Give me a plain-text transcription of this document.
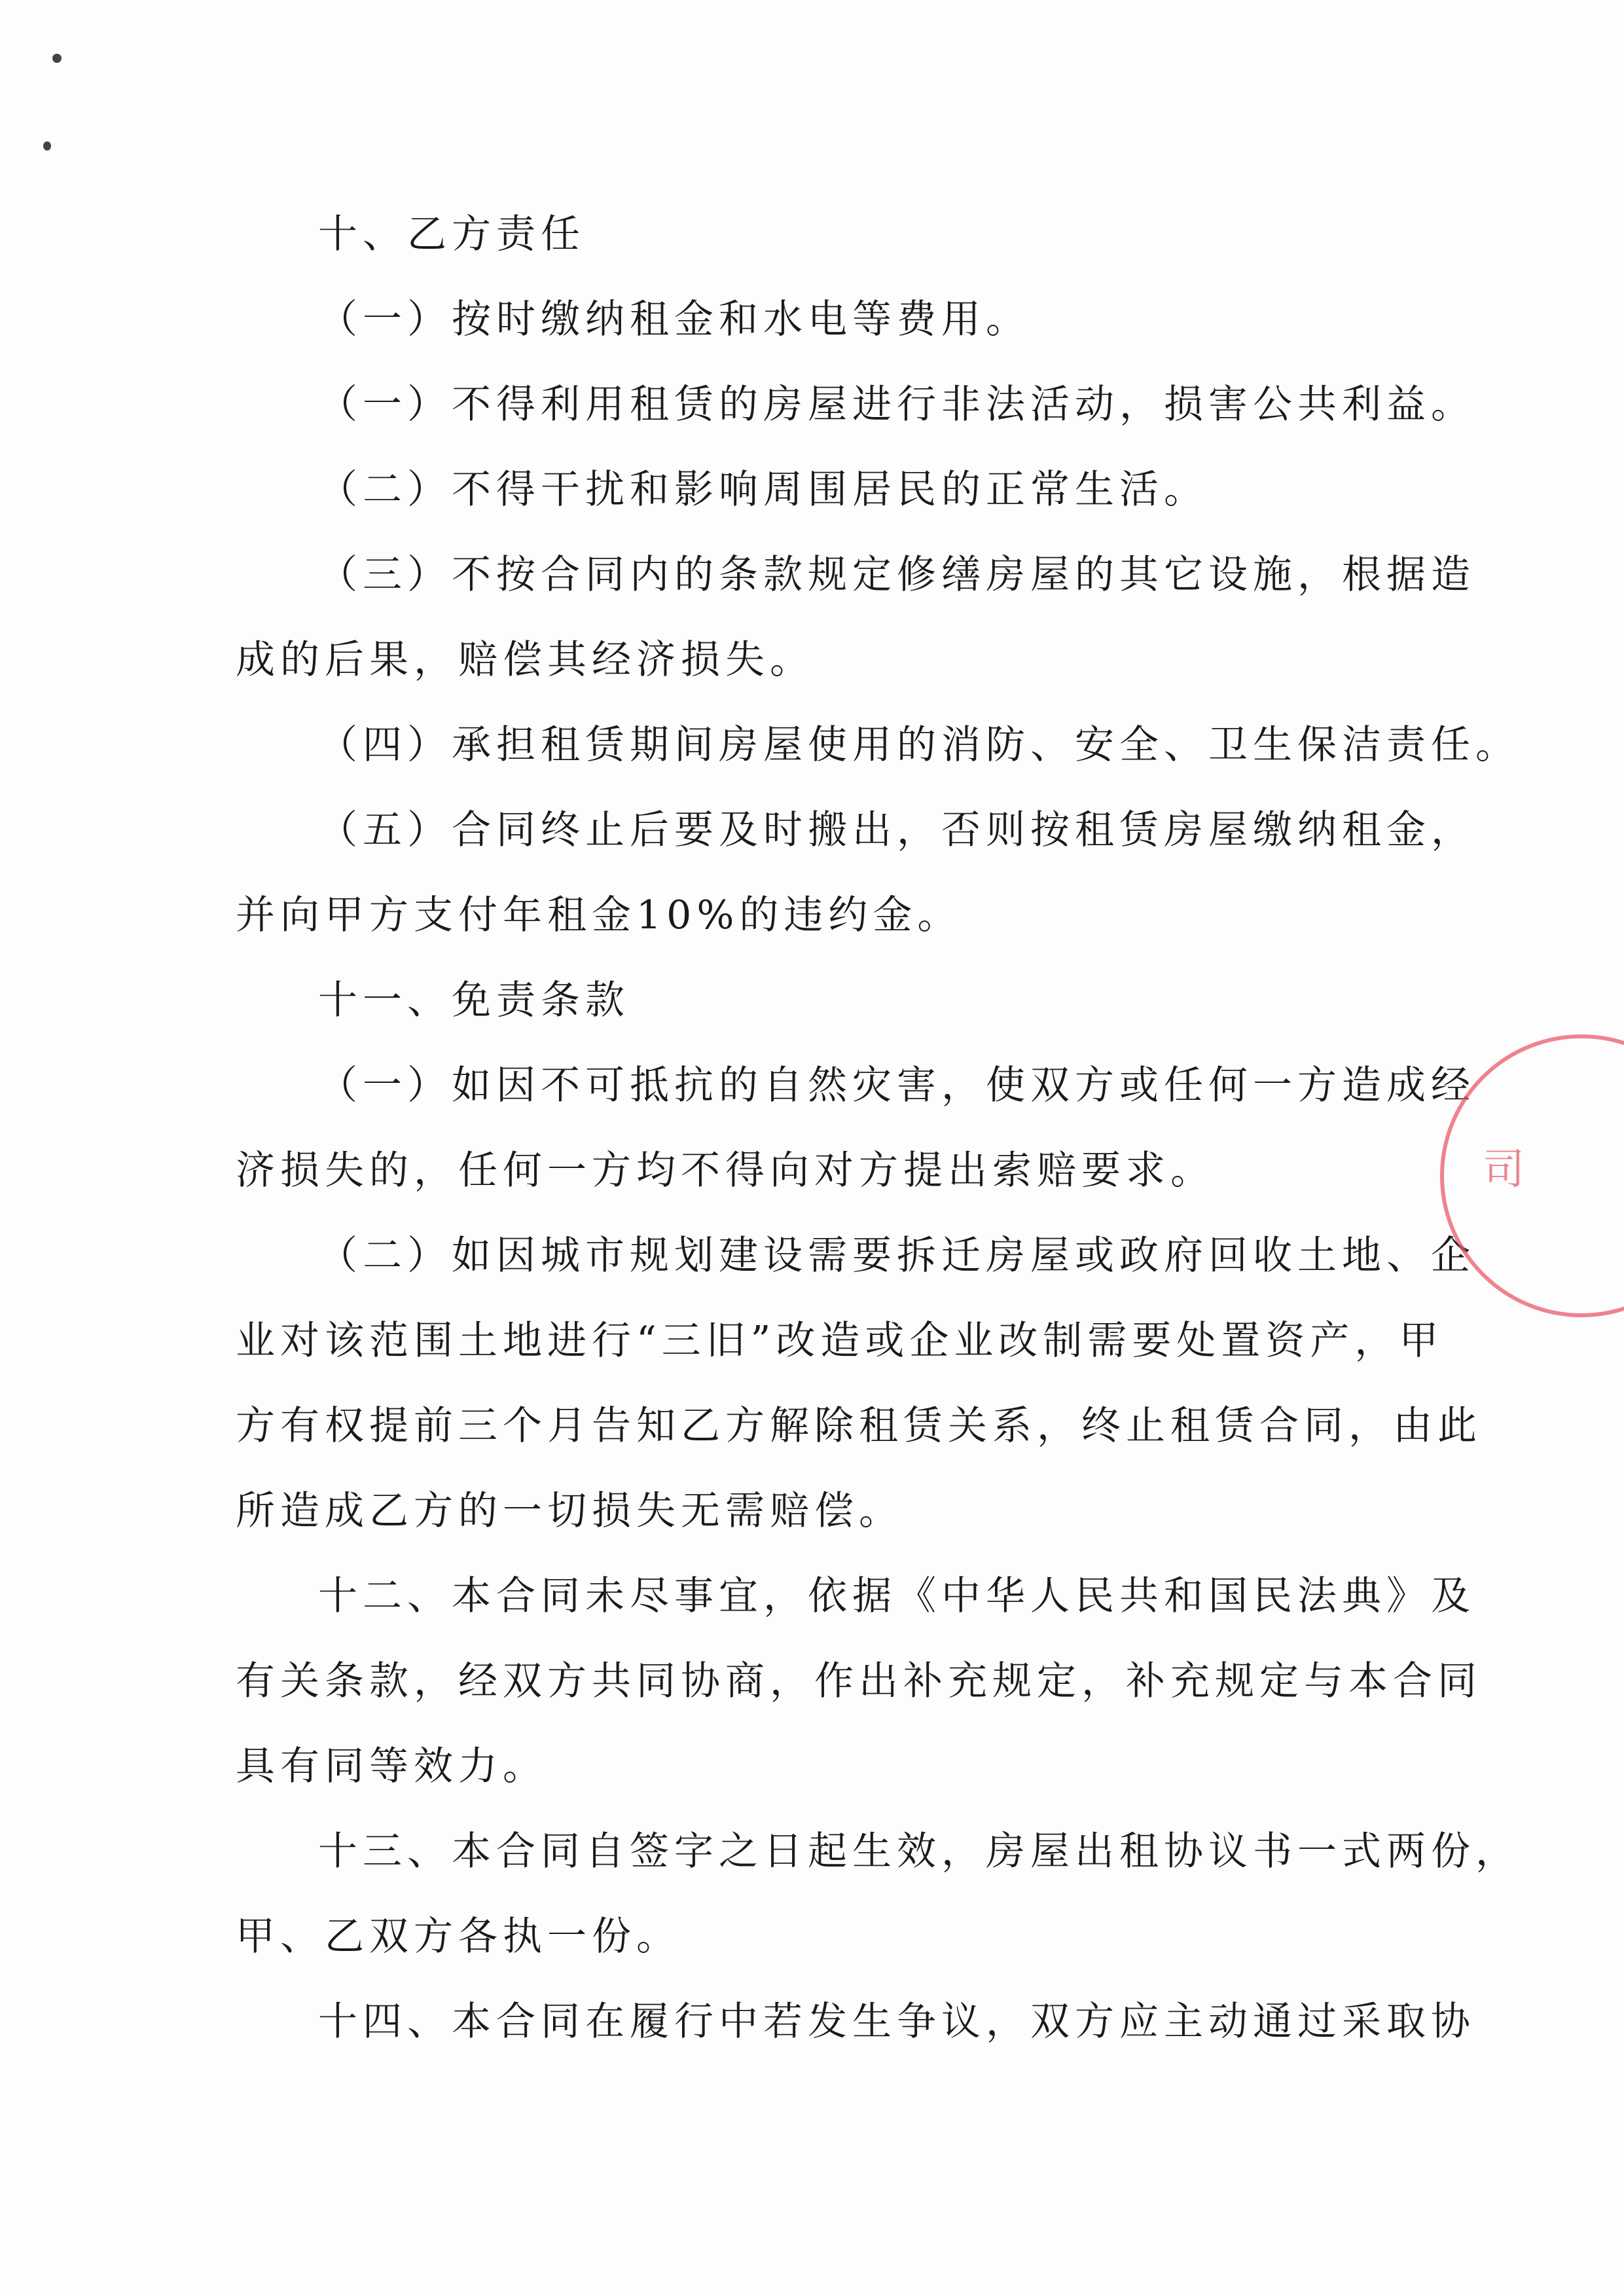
十、乙方责任
（一）按时缴纳租金和水电等费用。
（一）不得利用租赁的房屋进行非法活动，损害公共利益。
（二）不得干扰和影响周围居民的正常生活。
（三）不按合同内的条款规定修缮房屋的其它设施，根据造
成的后果，赔偿其经济损失。
（四）承担租赁期间房屋使用的消防、安全、卫生保洁责任。
（五）合同终止后要及时搬出，否则按租赁房屋缴纳租金，
并向甲方支付年租金10%的违约金。
十一、免责条款
（一）如因不可抵抗的自然灾害，使双方或任何一方造成经
济损失的，任何一方均不得向对方提出索赔要求。
（二）如因城市规划建设需要拆迁房屋或政府回收土地、企
业对该范围土地进行“三旧”改造或企业改制需要处置资产，甲
方有权提前三个月告知乙方解除租赁关系，终止租赁合同，由此
所造成乙方的一切损失无需赔偿。
十二、本合同未尽事宜，依据《中华人民共和国民法典》及
有关条款，经双方共同协商，作出补充规定，补充规定与本合同
具有同等效力。
十三、本合同自签字之日起生效，房屋出租协议书一式两份，
甲、乙双方各执一份。
十四、本合同在履行中若发生争议，双方应主动通过采取协
司
